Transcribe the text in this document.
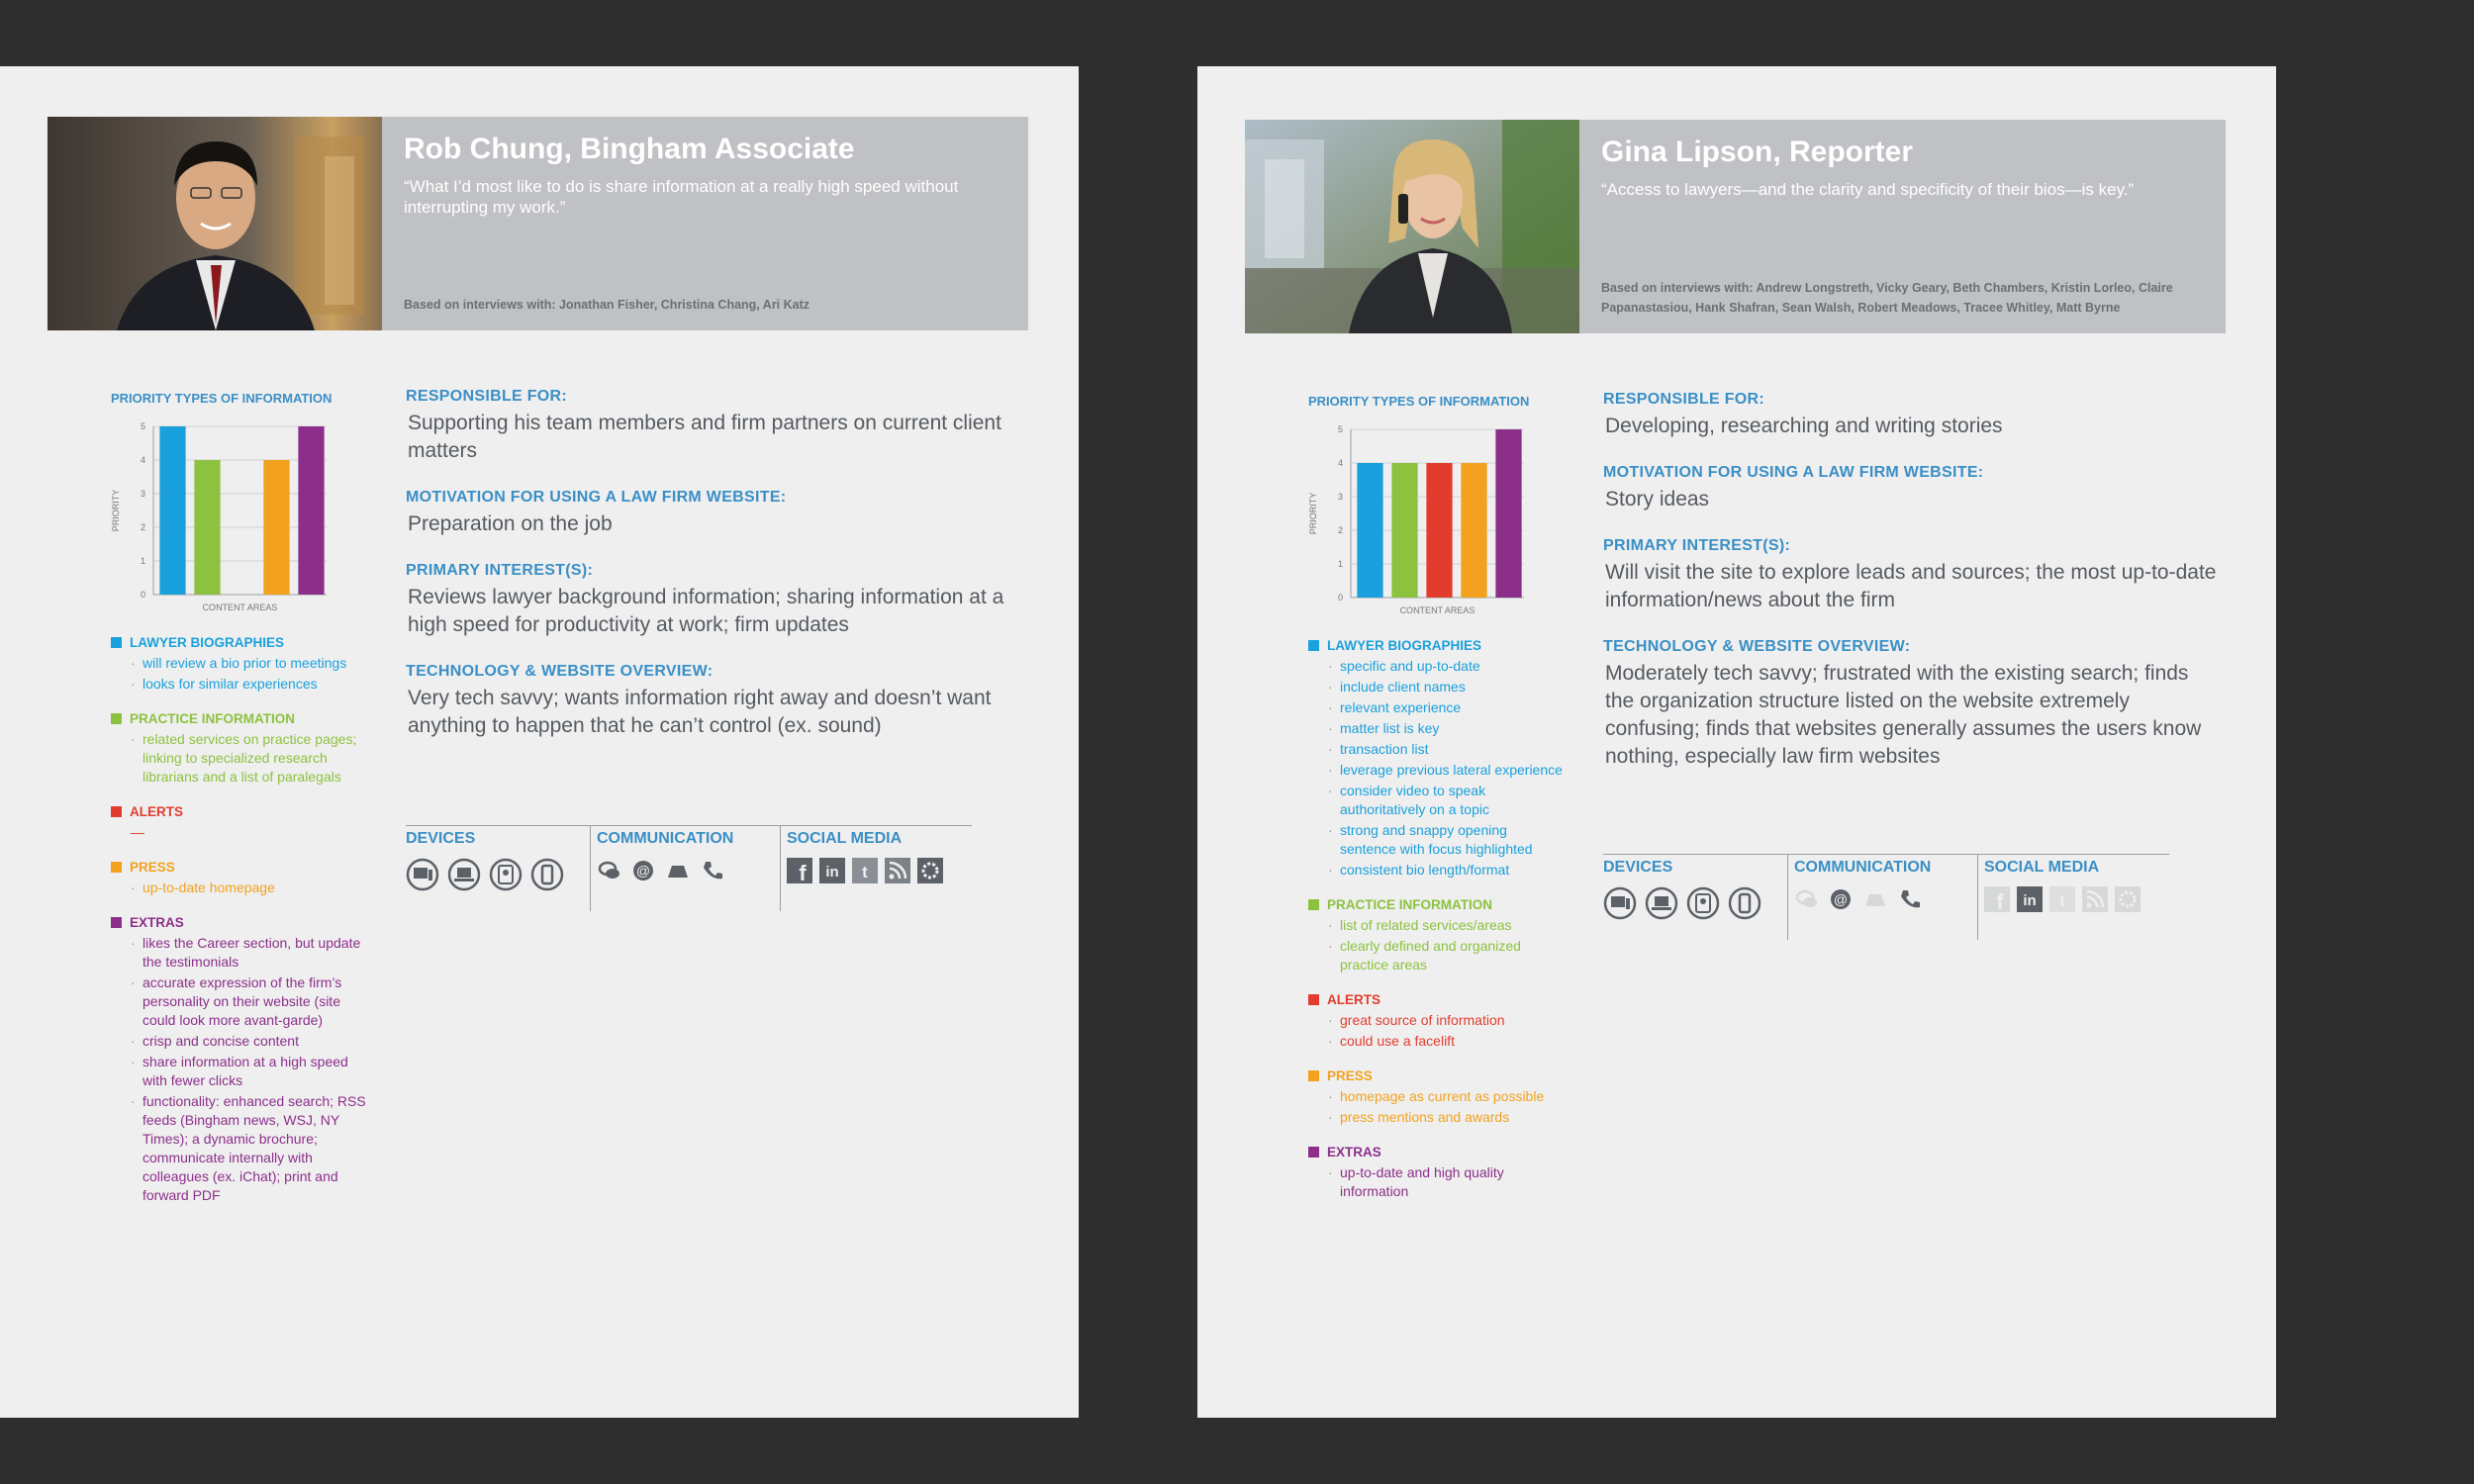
Rob Chung, Bingham Associate
“What I’d most like to do is share information at a really high speed without interrupting my work.”
Based on interviews with: Jonathan Fisher, Christina Chang, Ari Katz
PRIORITY TYPES OF INFORMATION
0
1
2
3
4
5
CONTENT AREAS
PRIORITY
LAWYER BIOGRAPHIES
· will review a bio prior to meetings
· looks for similar experiences
PRACTICE INFORMATION
· related services on practice pages; linking to specialized research librarians and a list of paralegals
ALERTS
—
PRESS
· up-to-date homepage
EXTRAS
· likes the Career section, but update the testimonials
· accurate expression of the firm’s personality on their website (site could look more avant-garde)
· crisp and concise content
· share information at a high speed with fewer clicks
· functionality: enhanced search; RSS feeds (Bingham news, WSJ, NY Times); a dynamic brochure; communicate internally with colleagues (ex. iChat); print and forward PDF
RESPONSIBLE FOR:
Supporting his team members and firm partners on current client matters
MOTIVATION FOR USING A LAW FIRM WEBSITE:
Preparation on the job
PRIMARY INTEREST(S):
Reviews lawyer background information; sharing information at a high speed for productivity at work; firm updates
TECHNOLOGY & WEBSITE OVERVIEW:
Very tech savvy; wants information right away and doesn’t want anything to happen that he can’t control (ex. sound)
DEVICES	COMMUNICATION
@
SOCIAL MEDIA
f in t
Gina Lipson, Reporter
“Access to lawyers—and the clarity and specificity of their bios—is key.”
Based on interviews with: Andrew Longstreth, Vicky Geary, Beth Chambers, Kristin Lorleo, Claire Papanastasiou, Hank Shafran, Sean Walsh, Robert Meadows, Tracee Whitley, Matt Byrne
PRIORITY TYPES OF INFORMATION
0
1
2
3
4
5
CONTENT AREAS
PRIORITY
LAWYER BIOGRAPHIES
· specific and up-to-date
· include client names
· relevant experience
· matter list is key
· transaction list
· leverage previous lateral experience
· consider video to speak authoritatively on a topic
· strong and snappy opening sentence with focus highlighted
· consistent bio length/format
PRACTICE INFORMATION
· list of related services/areas
· clearly defined and organized practice areas
ALERTS
· great source of information
· could use a facelift
PRESS
· homepage as current as possible
· press mentions and awards
EXTRAS
· up-to-date and high quality information
RESPONSIBLE FOR:
Developing, researching and writing stories
MOTIVATION FOR USING A LAW FIRM WEBSITE:
Story ideas
PRIMARY INTEREST(S):
Will visit the site to explore leads and sources; the most up-to-date information/news about the firm
TECHNOLOGY & WEBSITE OVERVIEW:
Moderately tech savvy; frustrated with the existing search; finds the organization structure listed on the website extremely confusing; finds that websites generally assumes the users know nothing, especially law firm websites
DEVICES	COMMUNICATION
@
SOCIAL MEDIA
f in t
